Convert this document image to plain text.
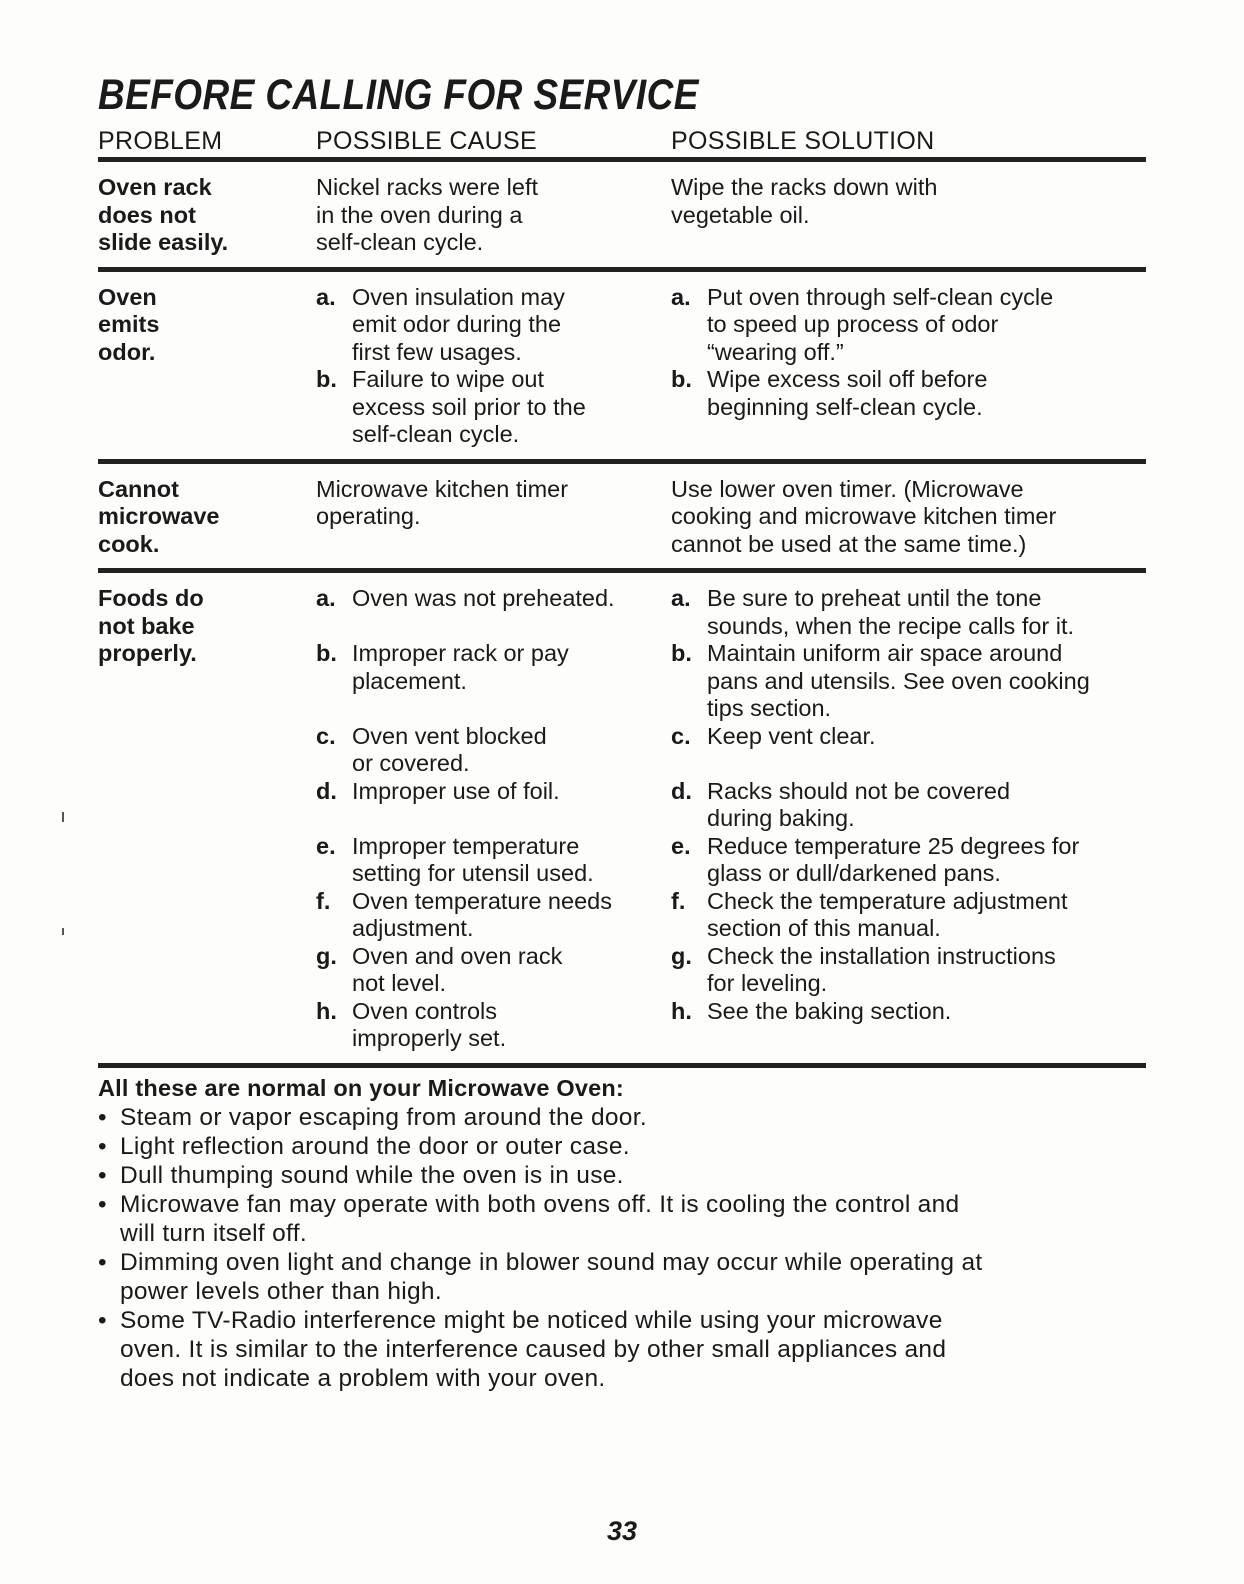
BEFORE CALLING FOR SERVICE
PROBLEM	POSSIBLE CAUSE	POSSIBLE SOLUTION
Oven rack
does not
slide easily.
Nickel racks were left
in the oven during a
self-clean cycle.
Wipe the racks down with
vegetable oil.
Oven
emits
odor.
a. Oven insulation may
emit odor during the
first few usages.
b. Failure to wipe out
excess soil prior to the
self-clean cycle.
a. Put oven through self-clean cycle
to speed up process of odor
“wearing off.”
b. Wipe excess soil off before
beginning self-clean cycle.
Cannot
microwave
cook.
Microwave kitchen timer
operating.
Use lower oven timer. (Microwave
cooking and microwave kitchen timer
cannot be used at the same time.)
Foods do
not bake
properly.
a. Oven was not preheated.
b. Improper rack or pay
placement.
c. Oven vent blocked
or covered.
d. Improper use of foil.
e. Improper temperature
setting for utensil used.
f. Oven temperature needs
adjustment.
g. Oven and oven rack
not level.
h. Oven controls
improperly set.
a. Be sure to preheat until the tone
sounds, when the recipe calls for it.
b. Maintain uniform air space around
pans and utensils. See oven cooking
tips section.
c. Keep vent clear.
d. Racks should not be covered
during baking.
e. Reduce temperature 25 degrees for
glass or dull/darkened pans.
f. Check the temperature adjustment
section of this manual.
g. Check the installation instructions
for leveling.
h. See the baking section.
All these are normal on your Microwave Oven:
• Steam or vapor escaping from around the door.
• Light reflection around the door or outer case.
• Dull thumping sound while the oven is in use.
• Microwave fan may operate with both ovens off. It is cooling the control and
will turn itself off.
• Dimming oven light and change in blower sound may occur while operating at
power levels other than high.
• Some TV-Radio interference might be noticed while using your microwave
oven. It is similar to the interference caused by other small appliances and
does not indicate a problem with your oven.
33
